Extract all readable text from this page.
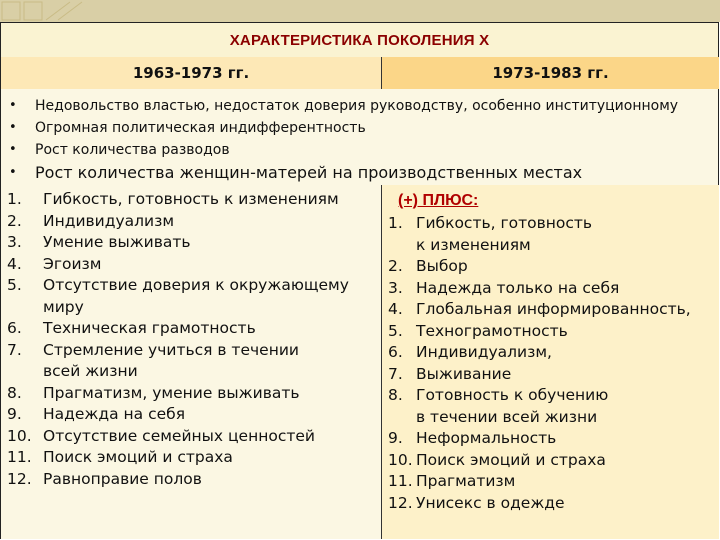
ХАРАКТЕРИСТИКА ПОКОЛЕНИЯ Х
1963-1973 гг.	1973-1983 гг.
• Недовольство властью, недостаток доверия руководству, особенно институционному
• Огромная политическая индифферентность
• Рост количества разводов
• Рост количества женщин-матерей на производственных местах
1. Гибкость, готовность к изменениям
2. Индивидуализм
3. Умение выживать
4. Эгоизм
5. Отсутствие доверия к окружающему
миру
6. Техническая грамотность
7. Стремление учиться в течении
всей жизни
8. Прагматизм, умение выживать
9. Надежда на себя
10. Отсутствие семейных ценностей
11. Поиск эмоций и страха
12. Равноправие полов
(+) ПЛЮС:
1. Гибкость, готовность
к изменениям
2. Выбор
3. Надежда только на себя
4. Глобальная информированность,
5. Технограмотность
6. Индивидуализм,
7. Выживание
8. Готовность к обучению
в течении всей жизни
9. Неформальность
10. Поиск эмоций и страха
11. Прагматизм
12. Унисекс в одежде
